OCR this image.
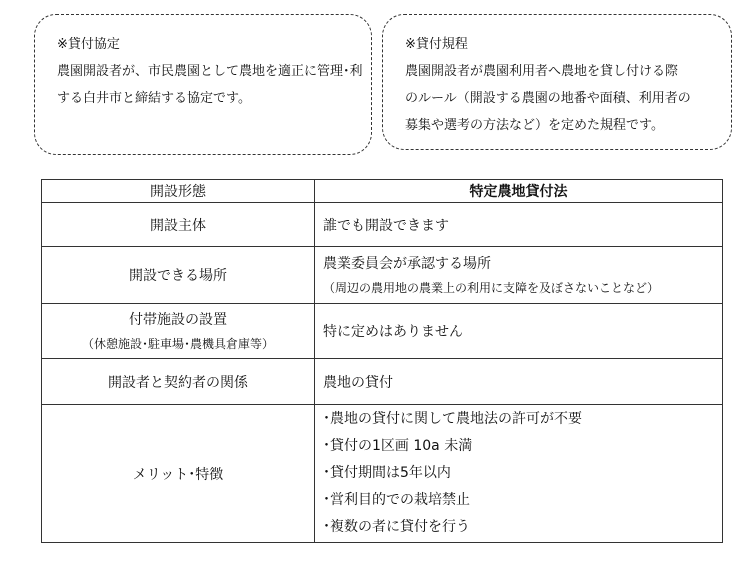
※貸付協定
農園開設者が、市民農園として農地を適正に管理･利
する白井市と締結する協定です。
※貸付規程
農園開設者が農園利用者へ農地を貸し付ける際
のルール（開設する農園の地番や面積、利用者の
募集や選考の方法など）を定めた規程です。
開設形態	特定農地貸付法
開設主体	誰でも開設できます
開設できる場所	農業委員会が承認する場所
（周辺の農用地の農業上の利用に支障を及ぼさないことなど）

付帯施設の設置
（休憩施設･駐車場･農機具倉庫等）	特に定めはありません
開設者と契約者の関係	農地の貸付
メリット･特徴	･農地の貸付に関して農地法の許可が不要
･貸付の1区画 10a 未満
･貸付期間は5年以内
･営利目的での栽培禁止
･複数の者に貸付を行う
